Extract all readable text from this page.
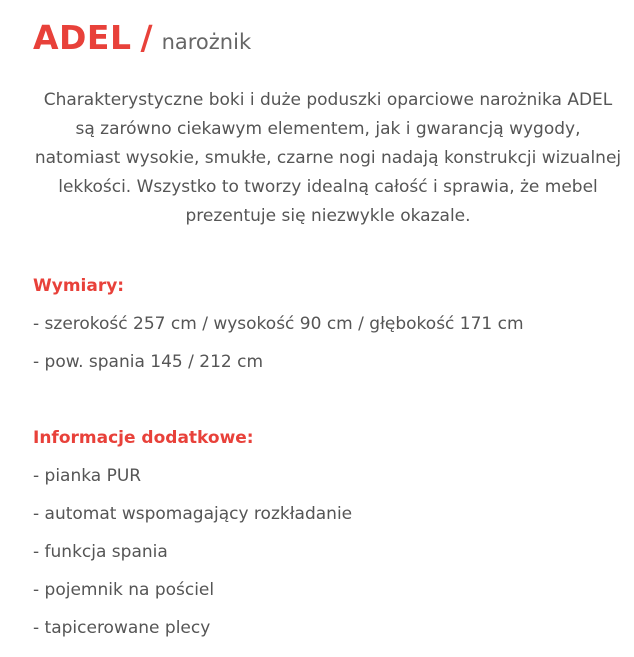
ADEL / narożnik

Charakterystyczne boki i duże poduszki oparciowe narożnika ADEL są zarówno ciekawym elementem, jak i gwarancją wygody, natomiast wysokie, smukłe, czarne nogi nadają konstrukcji wizualnej lekkości. Wszystko to tworzy idealną całość i sprawia, że mebel prezentuje się niezwykle okazale.

Wymiary:
- szerokość 257 cm / wysokość 90 cm / głębokość 171 cm
- pow. spania 145 / 212 cm
Informacje dodatkowe:
- pianka PUR
- automat wspomagający rozkładanie
- funkcja spania
- pojemnik na pościel
- tapicerowane plecy
